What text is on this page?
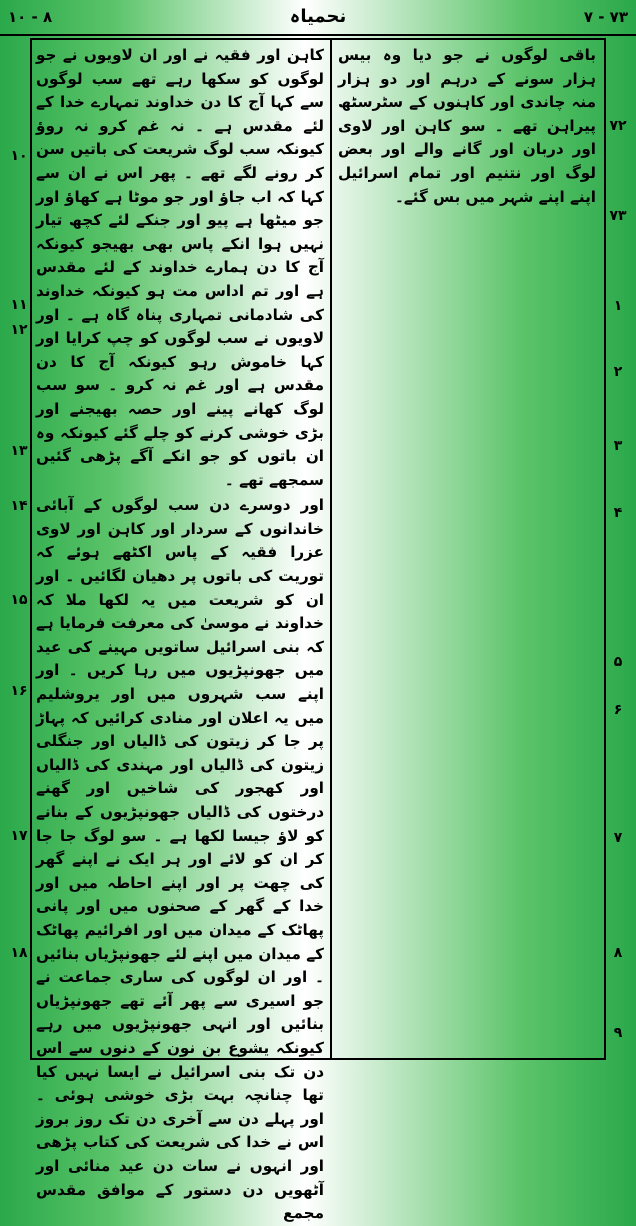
۱۰ - ۸	نحمیاہ	۷ - ۷۳

باقی لوگوں نے جو دیا وہ بیس ہزار سونے کے درہم اور دو ہزار منہ چاندی اور کاہنوں کے سٹرسٹھ پیراہن تھے ۔ سو کاہن اور لاوی اور دربان اور گانے والے اور بعض لوگ اور نتنیم اور تمام اسرائیل اپنے اپنے شہر میں بس گئے۔

کاہن اور فقیہ نے اور ان لاویوں نے جو لوگوں کو سکھا رہے تھے سب لوگوں سے کہا آج کا دن خداوند تمہارے خدا کے لئے مقدس ہے ۔ نہ غم کرو نہ روؤ کیونکہ سب لوگ شریعت کی باتیں سن کر رونے لگے تھے ۔ پھر اس نے ان سے کہا کہ اب جاؤ اور جو موٹا ہے کھاؤ اور جو میٹھا ہے پیو اور جنکے لئے کچھ تیار نہیں ہوا انکے پاس بھی بھیجو کیونکہ آج کا دن ہمارے خداوند کے لئے مقدس ہے اور تم اداس مت ہو کیونکہ خداوند کی شادمانی تمہاری پناہ گاہ ہے ۔ اور لاویوں نے سب لوگوں کو چپ کرایا اور کہا خاموش رہو کیونکہ آج کا دن مقدس ہے اور غم نہ کرو ۔ سو سب لوگ کھانے پینے اور حصہ بھیجنے اور بڑی خوشی کرنے کو چلے گئے کیونکہ وہ ان باتوں کو جو انکے آگے پڑھی گئیں سمجھے تھے ۔

اور دوسرے دن سب لوگوں کے آبائی خاندانوں کے سردار اور کاہن اور لاوی عزرا فقیہ کے پاس اکٹھے ہوئے کہ توریت کی باتوں پر دھیان لگائیں ۔ اور ان کو شریعت میں یہ لکھا ملا کہ خداوند نے موسیٰ کی معرفت فرمایا ہے کہ بنی اسرائیل ساتویں مہینے کی عید میں جھونپڑیوں میں رہا کریں ۔ اور اپنے سب شہروں میں اور یروشلیم میں یہ اعلان اور منادی کرائیں کہ پہاڑ پر جا کر زیتون کی ڈالیاں اور جنگلی زیتون کی ڈالیاں اور مہندی کی ڈالیاں اور کھجور کی شاخیں اور گھنے درختوں کی ڈالیاں جھونپڑیوں کے بنانے کو لاؤ جیسا لکھا ہے ۔ سو لوگ جا جا کر ان کو لائے اور ہر ایک نے اپنے گھر کی چھت پر اور اپنے احاطہ میں اور خدا کے گھر کے صحنوں میں اور پانی پھاٹک کے میدان میں اور افرائیم پھاٹک کے میدان میں اپنے لئے جھونپڑیاں بنائیں ۔ اور ان لوگوں کی ساری جماعت نے جو اسیری سے پھر آئے تھے جھونپڑیاں بنائیں اور انہی جھونپڑیوں میں رہے کیونکہ یشوع بن نون کے دنوں سے اس دن تک بنی اسرائیل نے ایسا نہیں کیا تھا چنانچہ بہت بڑی خوشی ہوئی ۔ اور پہلے دن سے آخری دن تک روز بروز اس نے خدا کی شریعت کی کتاب پڑھی اور انہوں نے سات دن عید منائی اور آٹھویں دن دستور کے موافق مقدس مجمع

۷۲
۷۳
۱
۲
۳
۴
۵
۶
۷
۸
۹
۱۰
۱۱
۱۲
۱۳
۱۴
۱۵
۱۶
۱۷
۱۸
